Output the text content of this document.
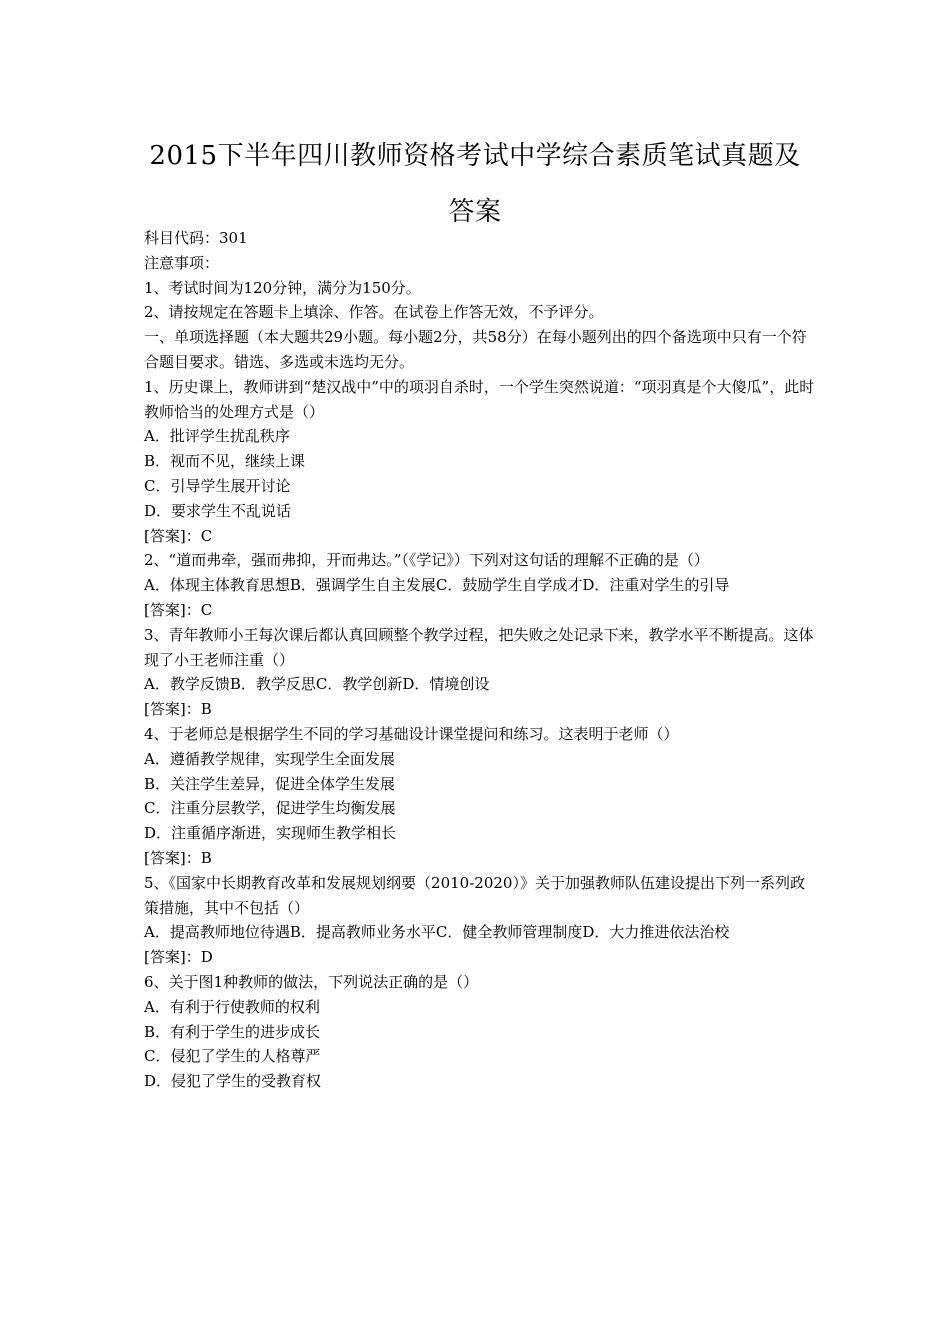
2015下半年四川教师资格考试中学综合素质笔试真题及答案

科目代码：301

注意事项：

1、考试时间为120分钟，满分为150分。

2、请按规定在答题卡上填涂、作答。在试卷上作答无效，不予评分。

一、单项选择题（本大题共29小题。每小题2分，共58分）在每小题列出的四个备选项中只有一个符合题目要求。错选、多选或未选均无分。

1、历史课上，教师讲到“楚汉战中”中的项羽自杀时，一个学生突然说道：“项羽真是个大傻瓜”，此时教师恰当的处理方式是（）

A．批评学生扰乱秩序

B．视而不见，继续上课

C．引导学生展开讨论

D．要求学生不乱说话

[答案]：C

2、“道而弗牵，强而弗抑，开而弗达。”（《学记》）下列对这句话的理解不正确的是（）

A．体现主体教育思想B．强调学生自主发展C．鼓励学生自学成才D．注重对学生的引导

[答案]：C

3、青年教师小王每次课后都认真回顾整个教学过程，把失败之处记录下来，教学水平不断提高。这体现了小王老师注重（）

A．教学反馈B．教学反思C．教学创新D．情境创设

[答案]：B

4、于老师总是根据学生不同的学习基础设计课堂提问和练习。这表明于老师（）

A．遵循教学规律，实现学生全面发展

B．关注学生差异，促进全体学生发展

C．注重分层教学，促进学生均衡发展

D．注重循序渐进，实现师生教学相长

[答案]：B

5、《国家中长期教育改革和发展规划纲要（2010-2020）》关于加强教师队伍建设提出下列一系列政策措施，其中不包括（）

A．提高教师地位待遇B．提高教师业务水平C．健全教师管理制度D．大力推进依法治校

[答案]：D

6、关于图1种教师的做法，下列说法正确的是（）

A．有利于行使教师的权利

B．有利于学生的进步成长

C．侵犯了学生的人格尊严

D．侵犯了学生的受教育权
